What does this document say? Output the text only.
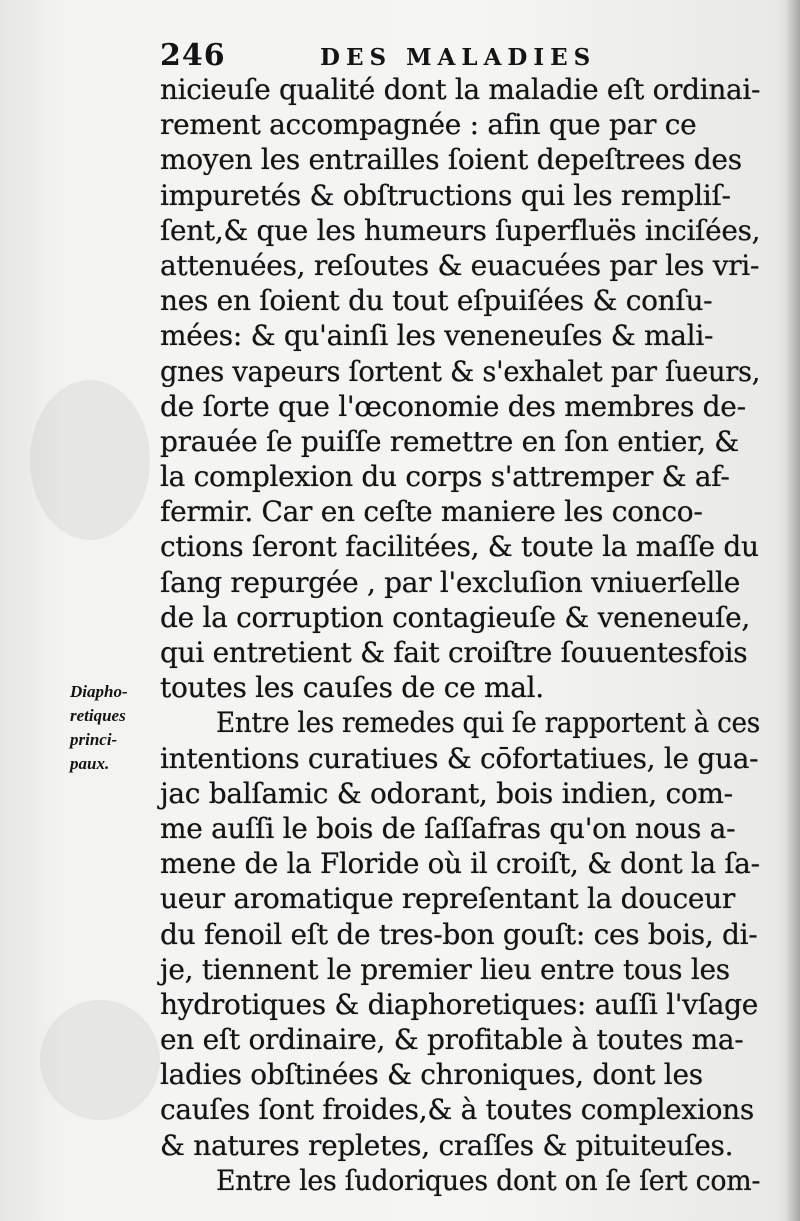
246	DES MALADIES
Diapho-
retiques
princi-
paux.
nicieuſe qualité dont la maladie eſt ordinai-
rement accompagnée : afin que par ce
moyen les entrailles ſoient depeſtrees des
impuretés & obſtructions qui les rempliſ-
ſent,& que les humeurs ſuperfluës inciſées,
attenuées, reſoutes & euacuées par les vri-
nes en ſoient du tout eſpuiſées & conſu-
mées: & qu'ainſi les veneneuſes & mali-
gnes vapeurs ſortent & s'exhalet par ſueurs,
de ſorte que l'œconomie des membres de-
prauée ſe puiſſe remettre en ſon entier, &
la complexion du corps s'attremper & af-
fermir. Car en ceſte maniere les conco-
ctions ſeront facilitées, & toute la maſſe du
ſang repurgée , par l'excluſion vniuerſelle
de la corruption contagieuſe & veneneuſe,
qui entretient & fait croiſtre ſouuentesfois
toutes les cauſes de ce mal.
Entre les remedes qui ſe rapportent à ces
intentions curatiues & cōfortatiues, le gua-
jac balſamic & odorant, bois indien, com-
me auſſi le bois de ſaſſafras qu'on nous a-
mene de la Floride où il croiſt, & dont la ſa-
ueur aromatique repreſentant la douceur
du fenoil eſt de tres-bon gouſt: ces bois, di-
je, tiennent le premier lieu entre tous les
hydrotiques & diaphoretiques: auſſi l'vſage
en eſt ordinaire, & profitable à toutes ma-
ladies obſtinées & chroniques, dont les
cauſes ſont froides,& à toutes complexions
& natures repletes, craſſes & pituiteuſes.
Entre les ſudoriques dont on ſe ſert com-
